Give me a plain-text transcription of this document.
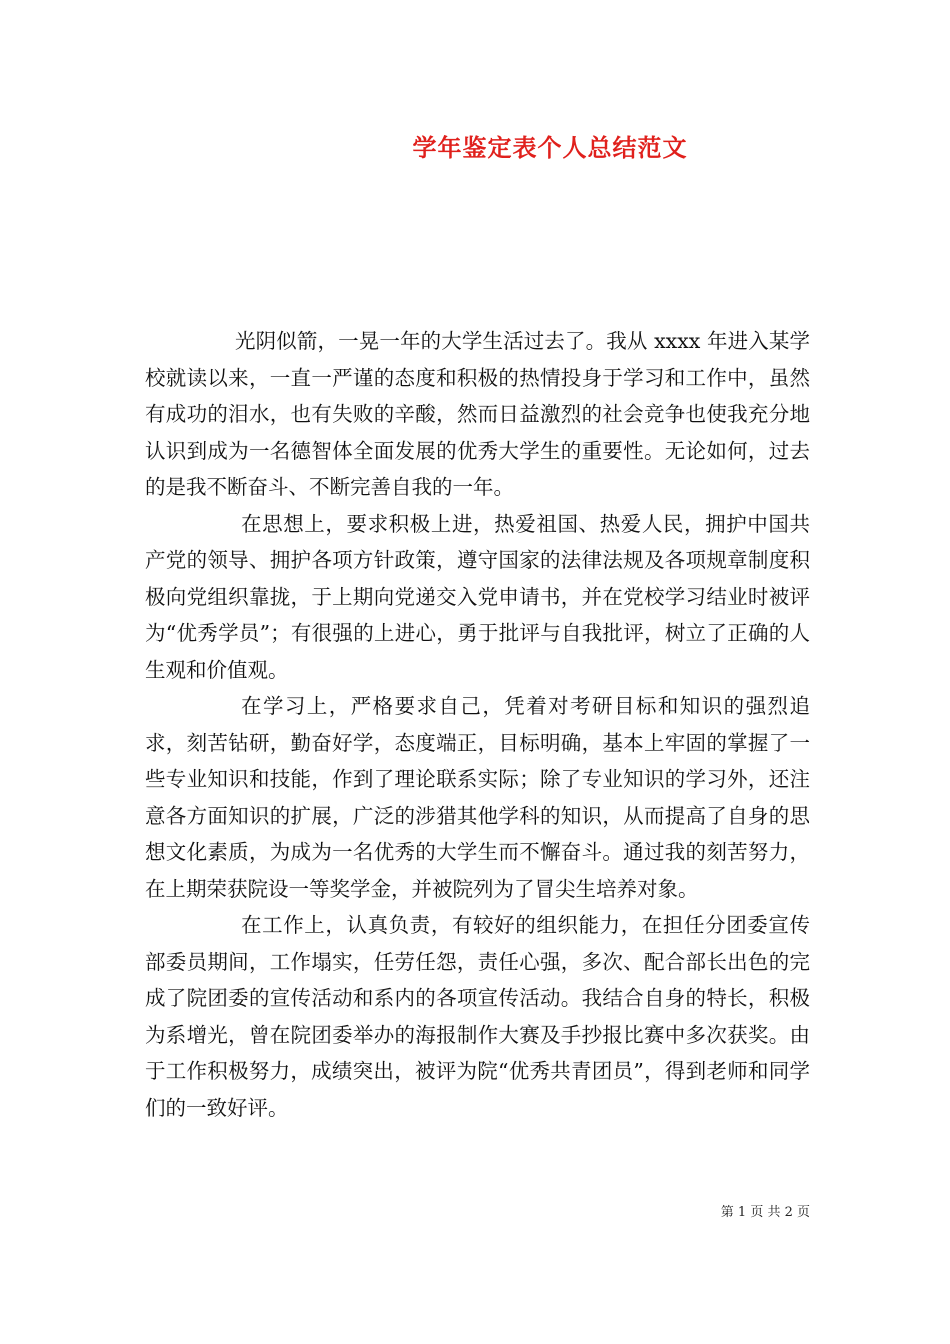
学年鉴定表个人总结范文

光阴似箭，一晃一年的大学生活过去了。我从 xxxx 年进入某学校就读以来，一直一严谨的态度和积极的热情投身于学习和工作中，虽然有成功的泪水，也有失败的辛酸，然而日益激烈的社会竞争也使我充分地认识到成为一名德智体全面发展的优秀大学生的重要性。无论如何，过去的是我不断奋斗、不断完善自我的一年。

在思想上，要求积极上进，热爱祖国、热爱人民，拥护中国共产党的领导、拥护各项方针政策，遵守国家的法律法规及各项规章制度积极向党组织靠拢，于上期向党递交入党申请书，并在党校学习结业时被评为“优秀学员”；有很强的上进心，勇于批评与自我批评，树立了正确的人生观和价值观。

在学习上，严格要求自己，凭着对考研目标和知识的强烈追求，刻苦钻研，勤奋好学，态度端正，目标明确，基本上牢固的掌握了一些专业知识和技能，作到了理论联系实际；除了专业知识的学习外，还注意各方面知识的扩展，广泛的涉猎其他学科的知识，从而提高了自身的思想文化素质，为成为一名优秀的大学生而不懈奋斗。通过我的刻苦努力，在上期荣获院设一等奖学金，并被院列为了冒尖生培养对象。

在工作上，认真负责，有较好的组织能力，在担任分团委宣传部委员期间，工作塌实，任劳任怨，责任心强，多次、配合部长出色的完成了院团委的宣传活动和系内的各项宣传活动。我结合自身的特长，积极为系增光，曾在院团委举办的海报制作大赛及手抄报比赛中多次获奖。由于工作积极努力，成绩突出，被评为院“优秀共青团员”，得到老师和同学们的一致好评。

第 1 页 共 2 页
